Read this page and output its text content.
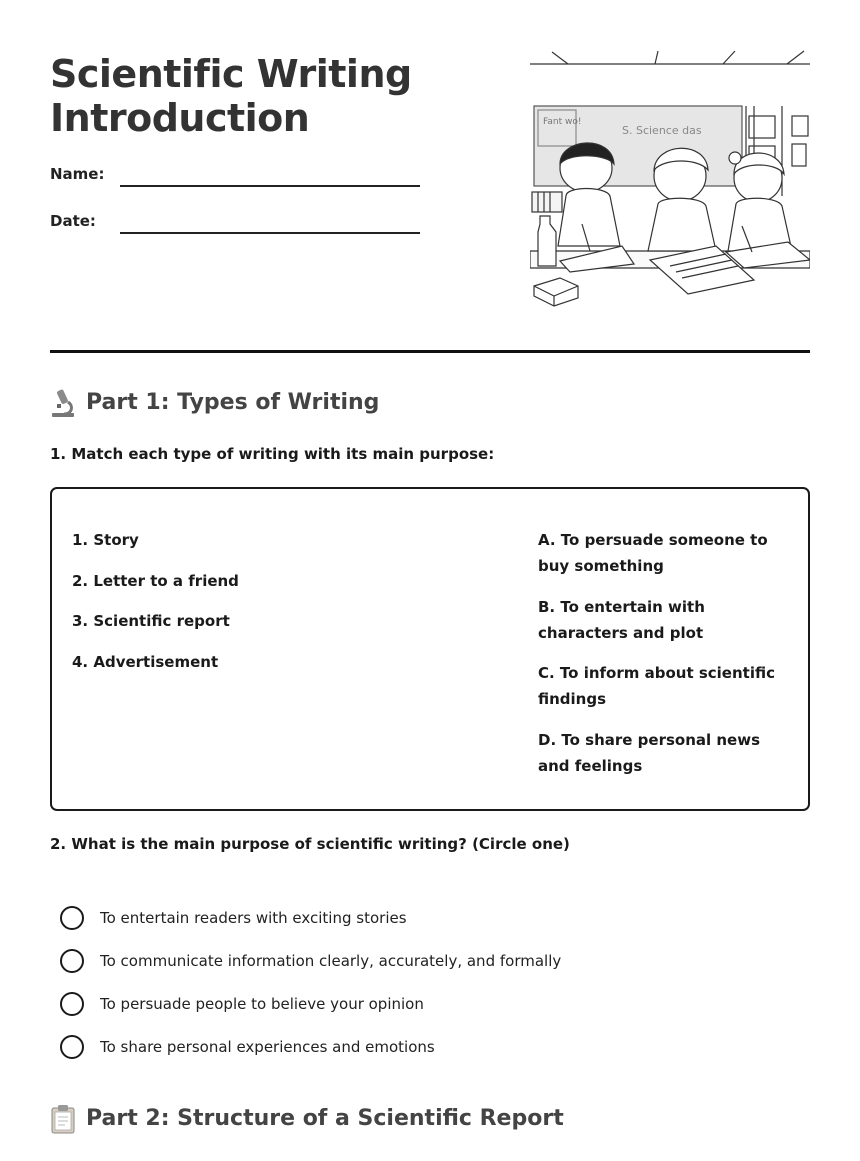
Scientific Writing
Introduction
Name:
Date:
Fant wo!
S. Science das
Part 1: Types of Writing

1. Match each type of writing with its main purpose:

1. Story
2. Letter to a friend
3. Scientific report
4. Advertisement
A. To persuade someone to buy something
B. To entertain with characters and plot
C. To inform about scientific findings
D. To share personal news and feelings

2. What is the main purpose of scientific writing? (Circle one)

To entertain readers with exciting stories
To communicate information clearly, accurately, and formally
To persuade people to believe your opinion
To share personal experiences and emotions
Part 2: Structure of a Scientific Report
